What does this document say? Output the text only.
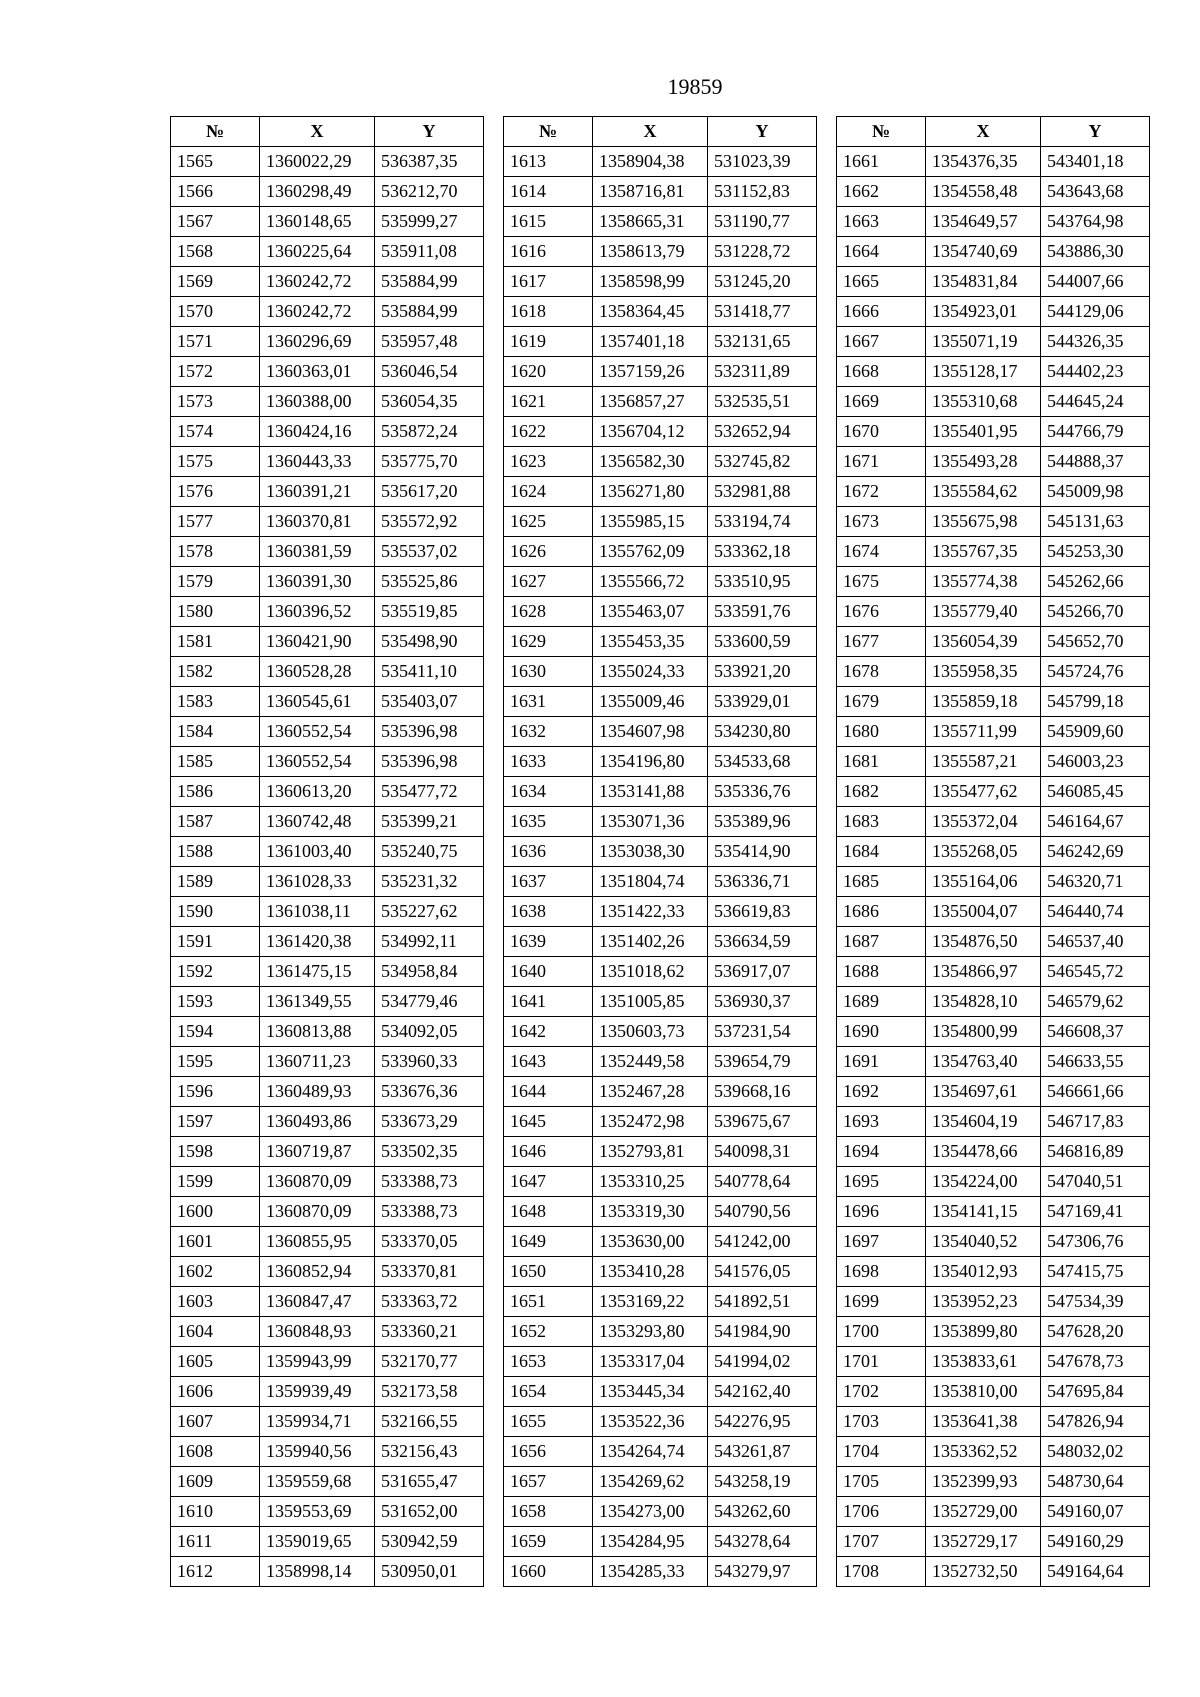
19859
№	X	Y
1565	1360022,29	536387,35
1566	1360298,49	536212,70
1567	1360148,65	535999,27
1568	1360225,64	535911,08
1569	1360242,72	535884,99
1570	1360242,72	535884,99
1571	1360296,69	535957,48
1572	1360363,01	536046,54
1573	1360388,00	536054,35
1574	1360424,16	535872,24
1575	1360443,33	535775,70
1576	1360391,21	535617,20
1577	1360370,81	535572,92
1578	1360381,59	535537,02
1579	1360391,30	535525,86
1580	1360396,52	535519,85
1581	1360421,90	535498,90
1582	1360528,28	535411,10
1583	1360545,61	535403,07
1584	1360552,54	535396,98
1585	1360552,54	535396,98
1586	1360613,20	535477,72
1587	1360742,48	535399,21
1588	1361003,40	535240,75
1589	1361028,33	535231,32
1590	1361038,11	535227,62
1591	1361420,38	534992,11
1592	1361475,15	534958,84
1593	1361349,55	534779,46
1594	1360813,88	534092,05
1595	1360711,23	533960,33
1596	1360489,93	533676,36
1597	1360493,86	533673,29
1598	1360719,87	533502,35
1599	1360870,09	533388,73
1600	1360870,09	533388,73
1601	1360855,95	533370,05
1602	1360852,94	533370,81
1603	1360847,47	533363,72
1604	1360848,93	533360,21
1605	1359943,99	532170,77
1606	1359939,49	532173,58
1607	1359934,71	532166,55
1608	1359940,56	532156,43
1609	1359559,68	531655,47
1610	1359553,69	531652,00
1611	1359019,65	530942,59
1612	1358998,14	530950,01
№	X	Y
1613	1358904,38	531023,39
1614	1358716,81	531152,83
1615	1358665,31	531190,77
1616	1358613,79	531228,72
1617	1358598,99	531245,20
1618	1358364,45	531418,77
1619	1357401,18	532131,65
1620	1357159,26	532311,89
1621	1356857,27	532535,51
1622	1356704,12	532652,94
1623	1356582,30	532745,82
1624	1356271,80	532981,88
1625	1355985,15	533194,74
1626	1355762,09	533362,18
1627	1355566,72	533510,95
1628	1355463,07	533591,76
1629	1355453,35	533600,59
1630	1355024,33	533921,20
1631	1355009,46	533929,01
1632	1354607,98	534230,80
1633	1354196,80	534533,68
1634	1353141,88	535336,76
1635	1353071,36	535389,96
1636	1353038,30	535414,90
1637	1351804,74	536336,71
1638	1351422,33	536619,83
1639	1351402,26	536634,59
1640	1351018,62	536917,07
1641	1351005,85	536930,37
1642	1350603,73	537231,54
1643	1352449,58	539654,79
1644	1352467,28	539668,16
1645	1352472,98	539675,67
1646	1352793,81	540098,31
1647	1353310,25	540778,64
1648	1353319,30	540790,56
1649	1353630,00	541242,00
1650	1353410,28	541576,05
1651	1353169,22	541892,51
1652	1353293,80	541984,90
1653	1353317,04	541994,02
1654	1353445,34	542162,40
1655	1353522,36	542276,95
1656	1354264,74	543261,87
1657	1354269,62	543258,19
1658	1354273,00	543262,60
1659	1354284,95	543278,64
1660	1354285,33	543279,97
№	X	Y
1661	1354376,35	543401,18
1662	1354558,48	543643,68
1663	1354649,57	543764,98
1664	1354740,69	543886,30
1665	1354831,84	544007,66
1666	1354923,01	544129,06
1667	1355071,19	544326,35
1668	1355128,17	544402,23
1669	1355310,68	544645,24
1670	1355401,95	544766,79
1671	1355493,28	544888,37
1672	1355584,62	545009,98
1673	1355675,98	545131,63
1674	1355767,35	545253,30
1675	1355774,38	545262,66
1676	1355779,40	545266,70
1677	1356054,39	545652,70
1678	1355958,35	545724,76
1679	1355859,18	545799,18
1680	1355711,99	545909,60
1681	1355587,21	546003,23
1682	1355477,62	546085,45
1683	1355372,04	546164,67
1684	1355268,05	546242,69
1685	1355164,06	546320,71
1686	1355004,07	546440,74
1687	1354876,50	546537,40
1688	1354866,97	546545,72
1689	1354828,10	546579,62
1690	1354800,99	546608,37
1691	1354763,40	546633,55
1692	1354697,61	546661,66
1693	1354604,19	546717,83
1694	1354478,66	546816,89
1695	1354224,00	547040,51
1696	1354141,15	547169,41
1697	1354040,52	547306,76
1698	1354012,93	547415,75
1699	1353952,23	547534,39
1700	1353899,80	547628,20
1701	1353833,61	547678,73
1702	1353810,00	547695,84
1703	1353641,38	547826,94
1704	1353362,52	548032,02
1705	1352399,93	548730,64
1706	1352729,00	549160,07
1707	1352729,17	549160,29
1708	1352732,50	549164,64
